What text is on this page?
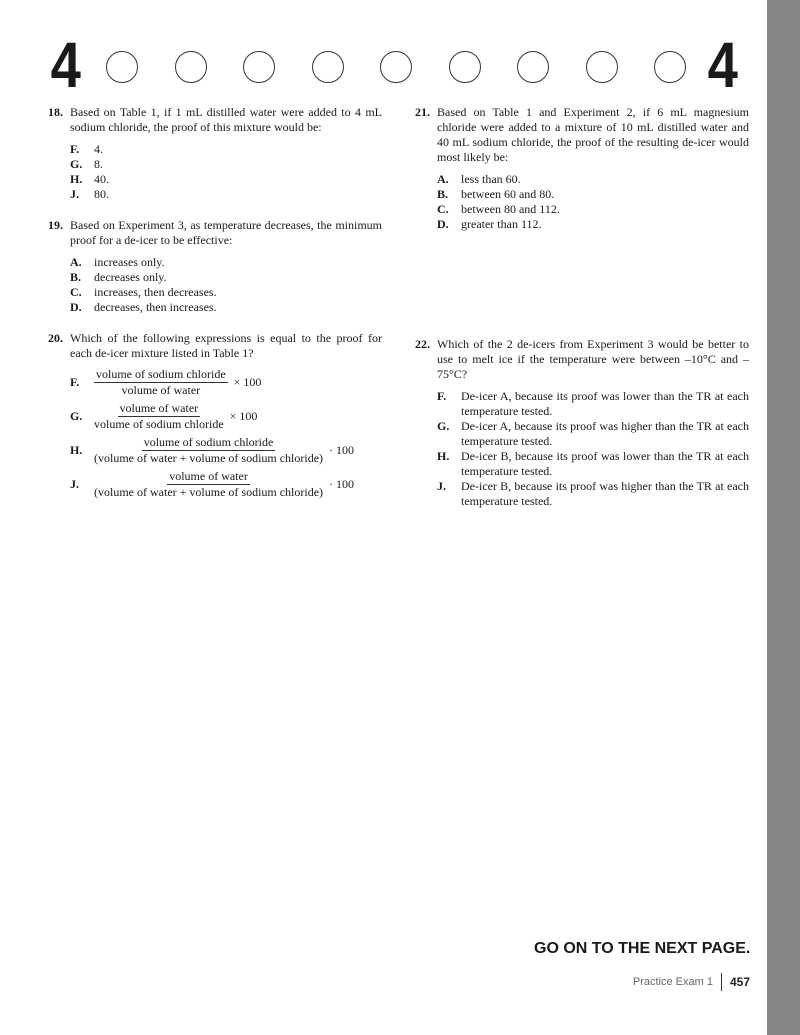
4	4
18. Based on Table 1, if 1 mL distilled water were added to 4 mL sodium chloride, the proof of this mixture would be:
F.	4.
G. 8.
H. 40.
J.	80.
19. Based on Experiment 3, as temperature decreases, the minimum proof for a de-icer to be effective:
A.	increases only.
B.	decreases only.
C.	increases, then decreases.
D.	decreases, then increases.
20. Which of the following expressions is equal to the proof for each de-icer mixture listed in Table 1?
F.	$\frac{\text{volume of sodium chloride}}{\text{volume of water}} \times 100$
G. $\frac{\text{volume of water}}{\text{volume of sodium chloride}} \times 100$
H. $\frac{\text{volume of sodium chloride}}{\text{(volume of water + volume of sodium chloride)}} \cdot 100$
J.	$\frac{\text{volume of water}}{\text{(volume of water + volume of sodium chloride)}} \cdot 100$
21. Based on Table 1 and Experiment 2, if 6 mL magnesium chloride were added to a mixture of 10 mL distilled water and 40 mL sodium chloride, the proof of the resulting de-icer would most likely be:
A.	less than 60.
B.	between 60 and 80.
C.	between 80 and 112.
D.	greater than 112.
22. Which of the 2 de-icers from Experiment 3 would be better to use to melt ice if the temperature were between –10°C and –75°C?
F.	De-icer A, because its proof was lower than the TR at each temperature tested.
G. De-icer A, because its proof was higher than the TR at each temperature tested.
H. De-icer B, because its proof was lower than the TR at each temperature tested.
J.	De-icer B, because its proof was higher than the TR at each temperature tested.
GO ON TO THE NEXT PAGE.
Practice Exam 1 457
